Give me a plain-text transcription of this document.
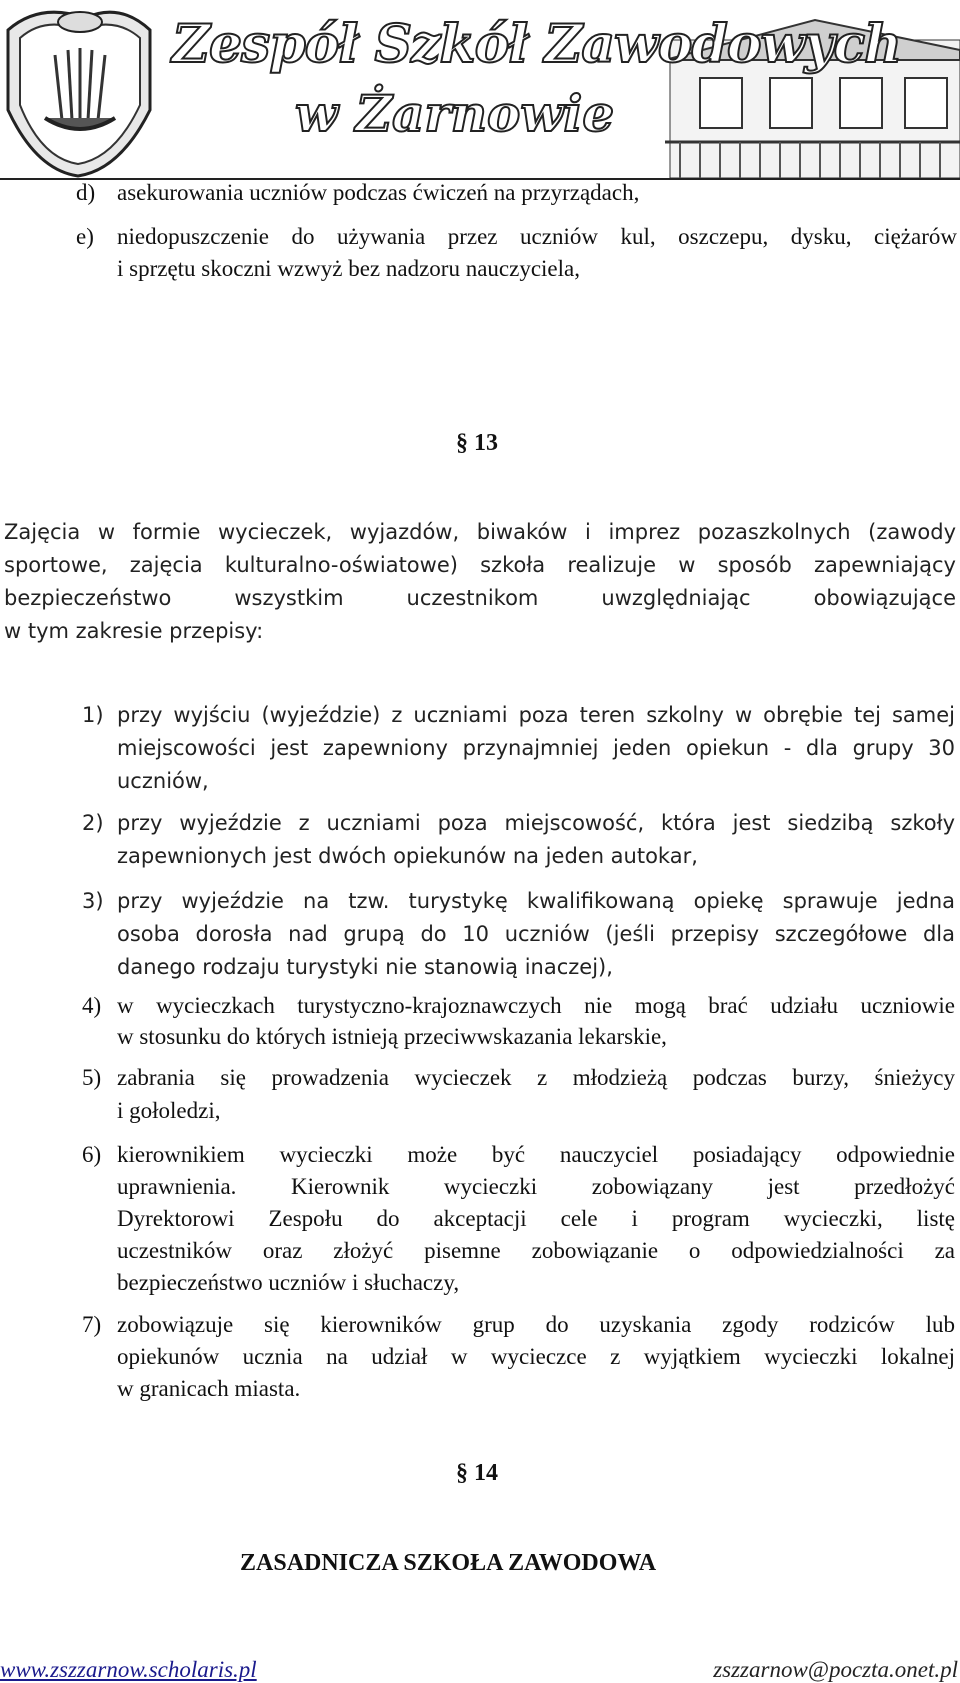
Zespół Szkół Zawodowych
w Żarnowie
d) asekurowania uczniów podczas ćwiczeń na przyrządach,
e) niedopuszczenie do używania przez uczniów kul, oszczepu, dysku, ciężarów
i sprzętu skoczni wzwyż bez nadzoru nauczyciela,
§ 13
Zajęcia w formie wycieczek, wyjazdów, biwaków i imprez pozaszkolnych (zawody
sportowe, zajęcia kulturalno-oświatowe) szkoła realizuje w sposób zapewniający
bezpieczeństwo wszystkim uczestnikom uwzględniając obowiązujące
w tym zakresie przepisy:
1) przy wyjściu (wyjeździe) z uczniami poza teren szkolny w obrębie tej samej
miejscowości jest zapewniony przynajmniej jeden opiekun - dla grupy 30
uczniów,
2) przy wyjeździe z uczniami poza miejscowość, która jest siedzibą szkoły
zapewnionych jest dwóch opiekunów na jeden autokar,
3) przy wyjeździe na tzw. turystykę kwalifikowaną opiekę sprawuje jedna
osoba dorosła nad grupą do 10 uczniów (jeśli przepisy szczegółowe dla
danego rodzaju turystyki nie stanowią inaczej),
4) w wycieczkach turystyczno-krajoznawczych nie mogą brać udziału uczniowie
w stosunku do których istnieją przeciwwskazania lekarskie,
5) zabrania się prowadzenia wycieczek z młodzieżą podczas burzy, śnieżycy
i gołoledzi,
6) kierownikiem wycieczki może być nauczyciel posiadający odpowiednie
uprawnienia. Kierownik wycieczki zobowiązany jest przedłożyć
Dyrektorowi Zespołu do akceptacji cele i program wycieczki, listę
uczestników oraz złożyć pisemne zobowiązanie o odpowiedzialności za
bezpieczeństwo uczniów i słuchaczy,
7) zobowiązuje się kierowników grup do uzyskania zgody rodziców lub
opiekunów ucznia na udział w wycieczce z wyjątkiem wycieczki lokalnej
w granicach miasta.
§ 14
ZASADNICZA SZKOŁA ZAWODOWA
www.zszzarnow.scholaris.pl	zszzarnow@poczta.onet.pl
